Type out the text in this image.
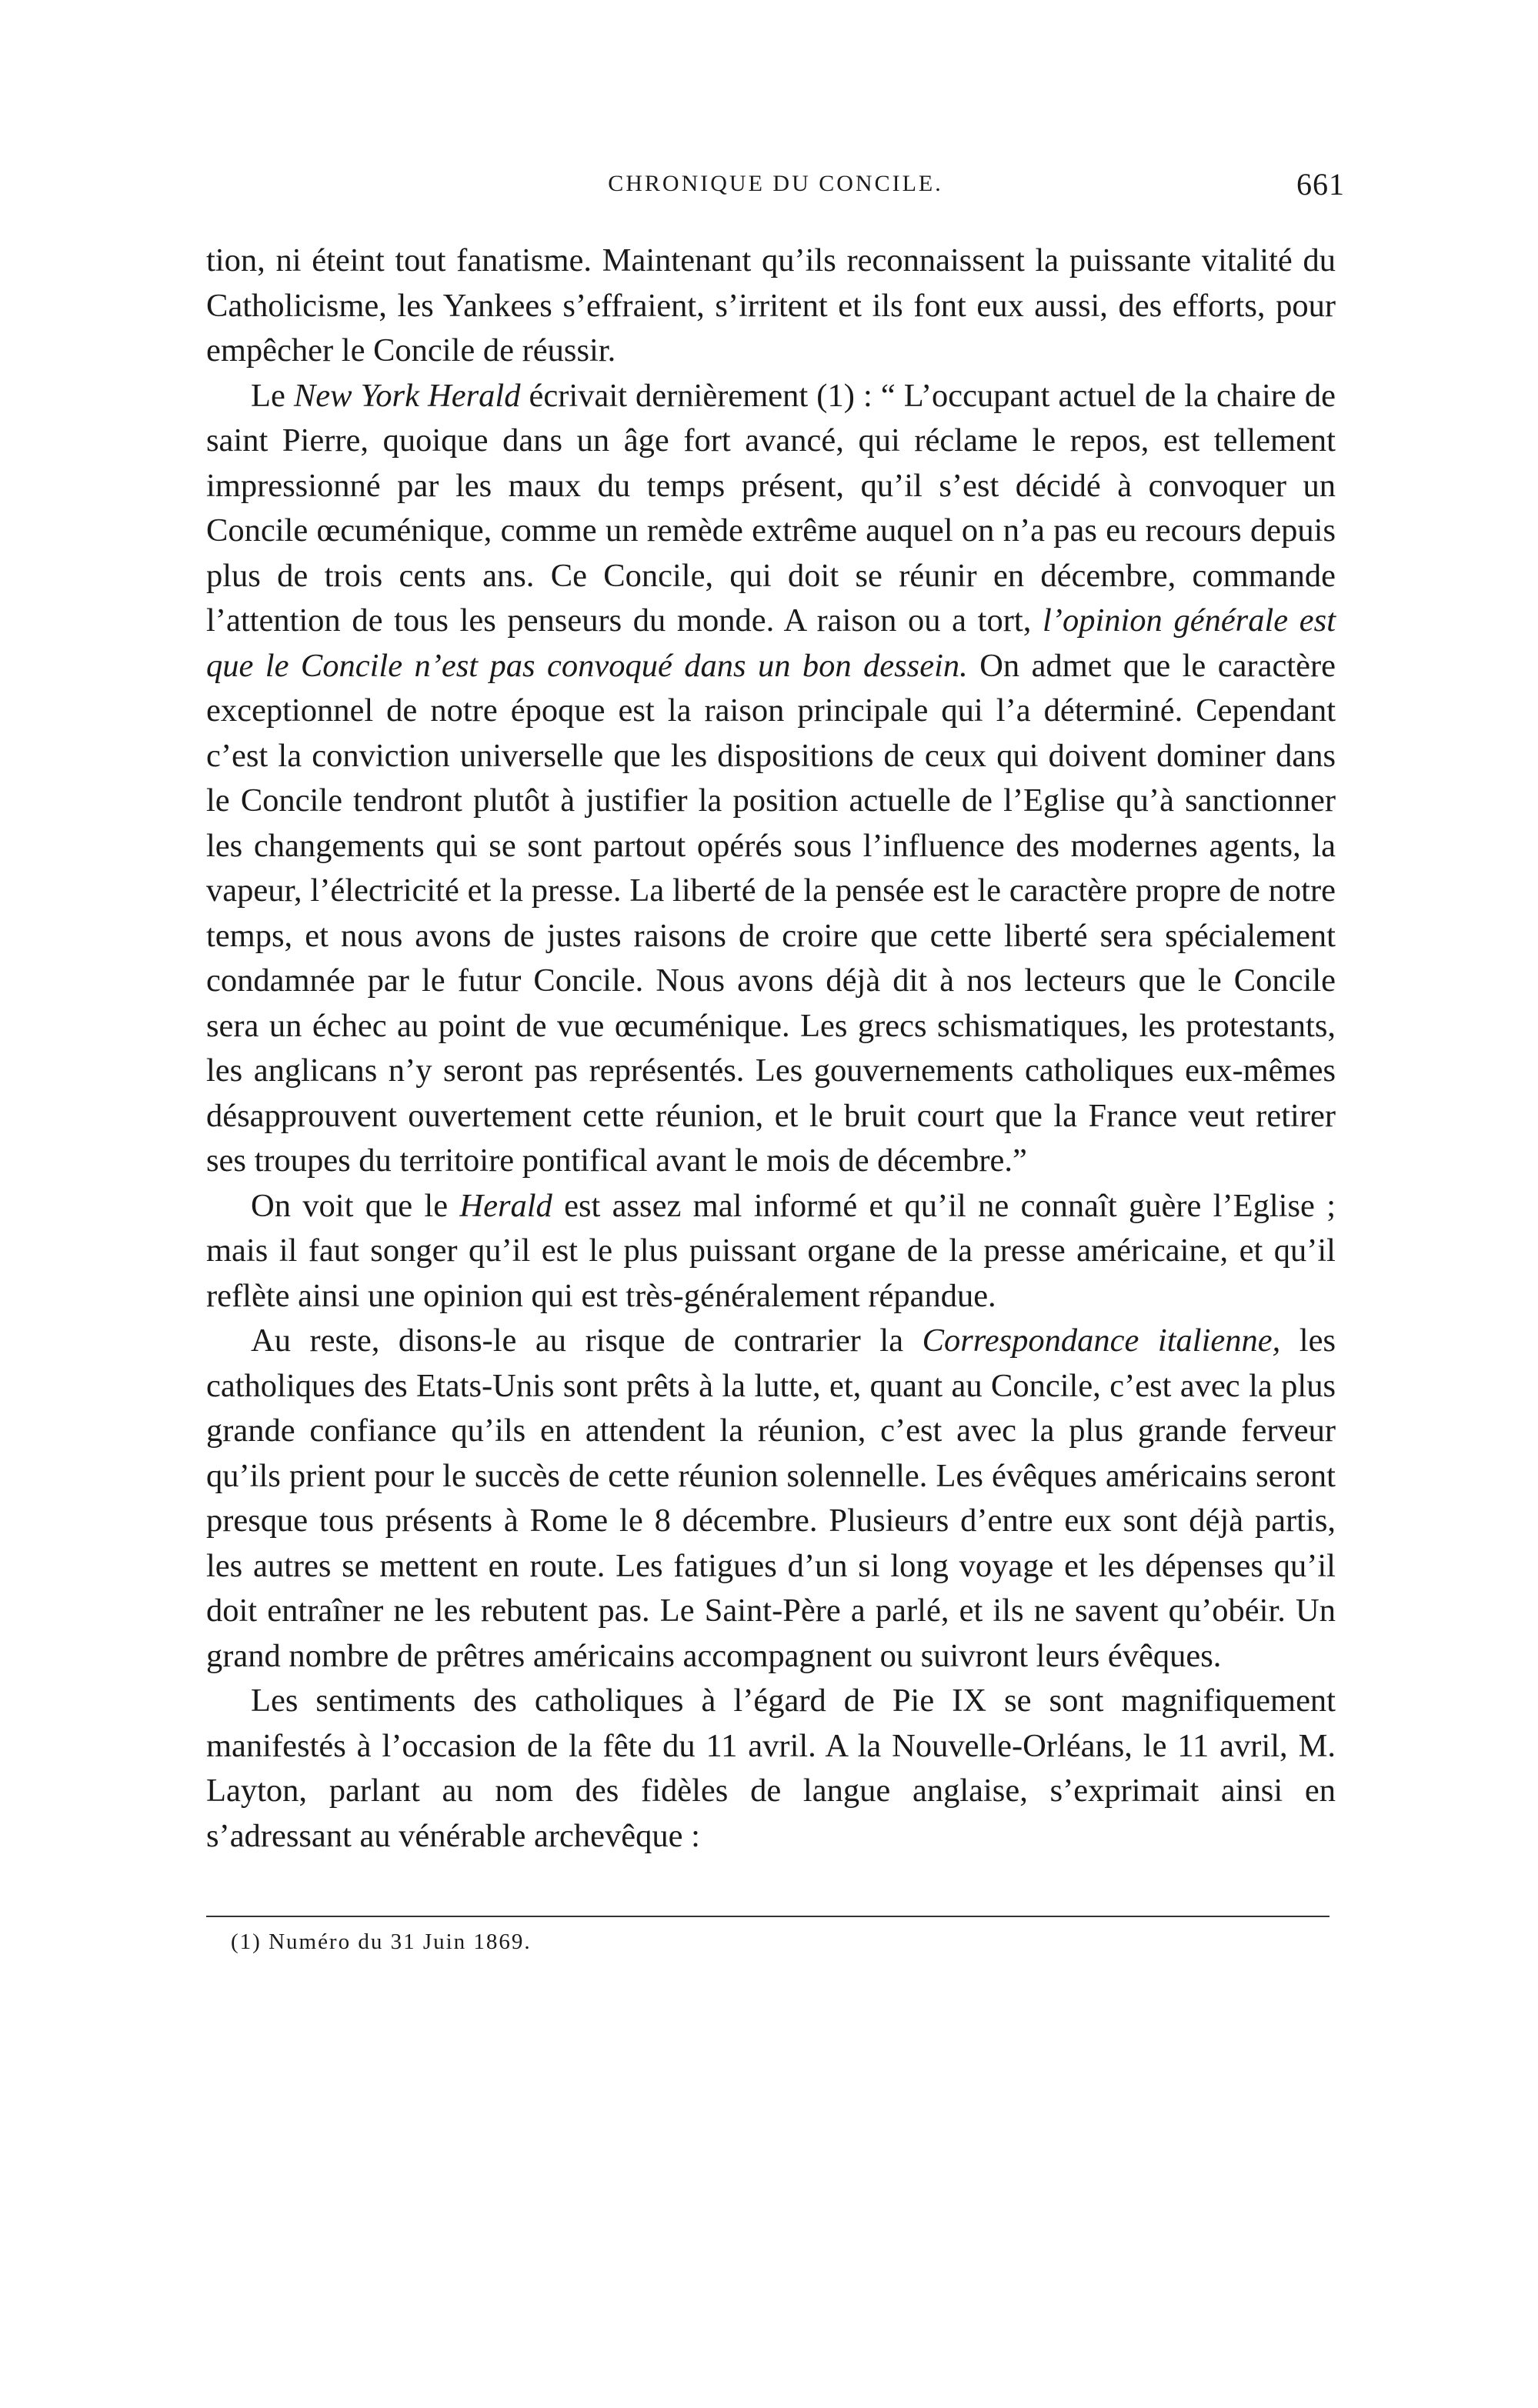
CHRONIQUE DU CONCILE.	661

tion, ni éteint tout fanatisme. Maintenant qu’ils reconnaissent la puissante vitalité du Catholicisme, les Yankees s’effraient, s’irritent et ils font eux aussi, des efforts, pour empêcher le Concile de réussir.

Le New York Herald écrivait dernièrement (1) : “ L’occupant actuel de la chaire de saint Pierre, quoique dans un âge fort avancé, qui réclame le repos, est tellement impressionné par les maux du temps présent, qu’il s’est décidé à convoquer un Concile œcuménique, comme un remède extrême auquel on n’a pas eu recours depuis plus de trois cents ans. Ce Concile, qui doit se réunir en décembre, commande l’attention de tous les penseurs du monde. A raison ou a tort, l’opinion générale est que le Concile n’est pas convoqué dans un bon dessein. On admet que le caractère exceptionnel de notre époque est la raison principale qui l’a déterminé. Cependant c’est la conviction universelle que les dispositions de ceux qui doivent dominer dans le Concile tendront plutôt à justifier la position actuelle de l’Eglise qu’à sanctionner les changements qui se sont partout opérés sous l’influence des modernes agents, la vapeur, l’électricité et la presse. La liberté de la pensée est le caractère propre de notre temps, et nous avons de justes raisons de croire que cette liberté sera spécialement condamnée par le futur Concile. Nous avons déjà dit à nos lecteurs que le Concile sera un échec au point de vue œcuménique. Les grecs schismatiques, les protestants, les anglicans n’y seront pas représentés. Les gouvernements catholiques eux-mêmes désapprouvent ouvertement cette réunion, et le bruit court que la France veut retirer ses troupes du territoire pontifical avant le mois de décembre.”

On voit que le Herald est assez mal informé et qu’il ne connaît guère l’Eglise ; mais il faut songer qu’il est le plus puissant organe de la presse américaine, et qu’il reflète ainsi une opinion qui est très-généralement répandue.

Au reste, disons-le au risque de contrarier la Correspondance italienne, les catholiques des Etats-Unis sont prêts à la lutte, et, quant au Concile, c’est avec la plus grande confiance qu’ils en attendent la réunion, c’est avec la plus grande ferveur qu’ils prient pour le succès de cette réunion solennelle. Les évêques américains seront presque tous présents à Rome le 8 décembre. Plusieurs d’entre eux sont déjà partis, les autres se mettent en route. Les fatigues d’un si long voyage et les dépenses qu’il doit entraîner ne les rebutent pas. Le Saint-Père a parlé, et ils ne savent qu’obéir. Un grand nombre de prêtres américains accompagnent ou suivront leurs évêques.

Les sentiments des catholiques à l’égard de Pie IX se sont magnifiquement manifestés à l’occasion de la fête du 11 avril. A la Nouvelle-Orléans, le 11 avril, M. Layton, parlant au nom des fidèles de langue anglaise, s’exprimait ainsi en s’adressant au vénérable archevêque :

(1) Numéro du 31 Juin 1869.
